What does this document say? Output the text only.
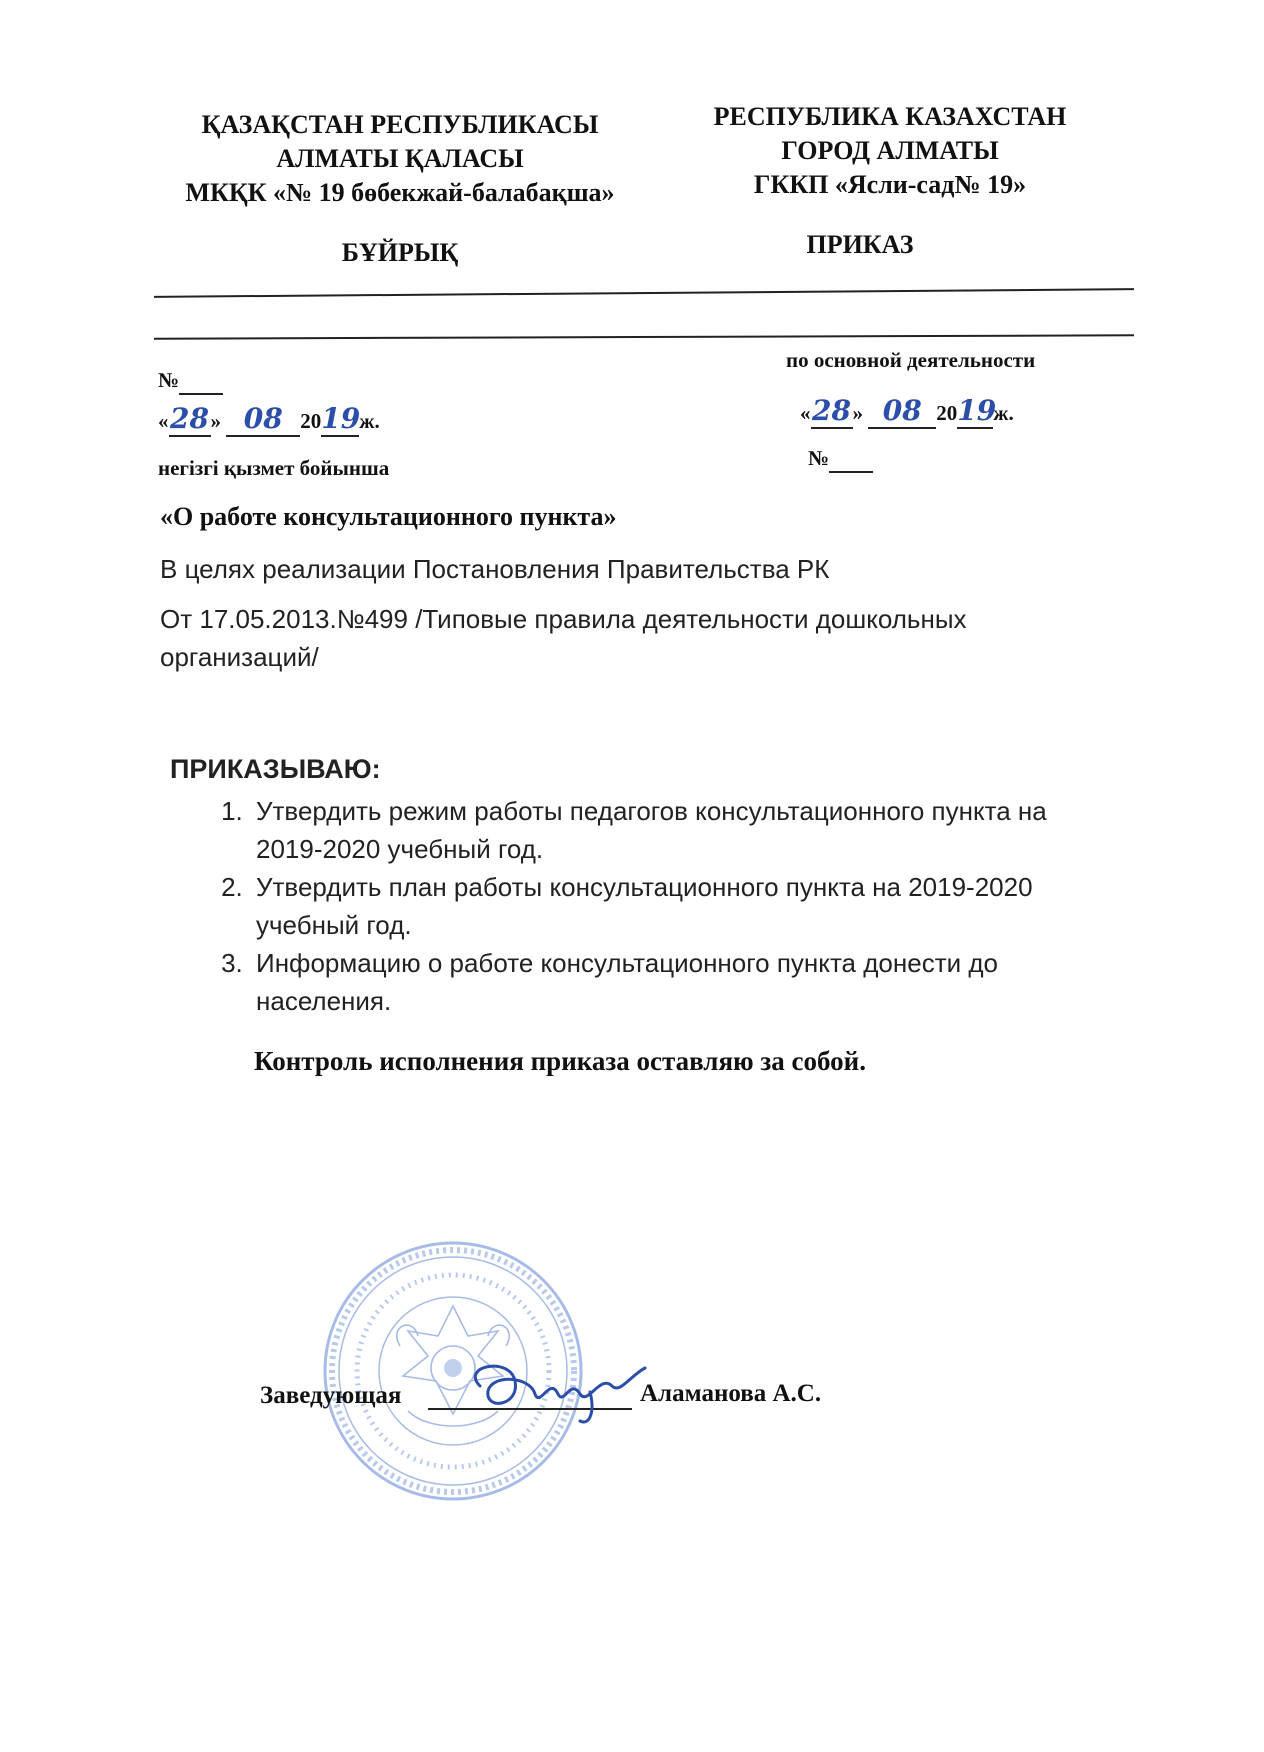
ҚАЗАҚСТАН РЕСПУБЛИКАСЫ
АЛМАТЫ ҚАЛАСЫ
МКҚК «№ 19 бөбекжай-балабақша»
БҰЙРЫҚ
РЕСПУБЛИКА КАЗАХСТАН
ГОРОД АЛМАТЫ
ГККП «Ясли-сад№ 19»
ПРИКАЗ
№
«28» 08 2019ж.
негізгі қызмет бойынша
по основной деятельности
«28» 08 2019ж.
№
«О работе консультационного пункта»
В целях реализации Постановления Правительства РК
От 17.05.2013.№499 /Типовые правила деятельности дошкольных организаций/
ПРИКАЗЫВАЮ:
1. Утвердить режим работы педагогов консультационного пункта на 2019-2020 учебный год.
2. Утвердить план работы консультационного пункта на 2019-2020 учебный год.
3. Информацию о работе консультационного пункта донести до населения.
Контроль исполнения приказа оставляю за собой.
Заведующая	Аламанова А.С.
